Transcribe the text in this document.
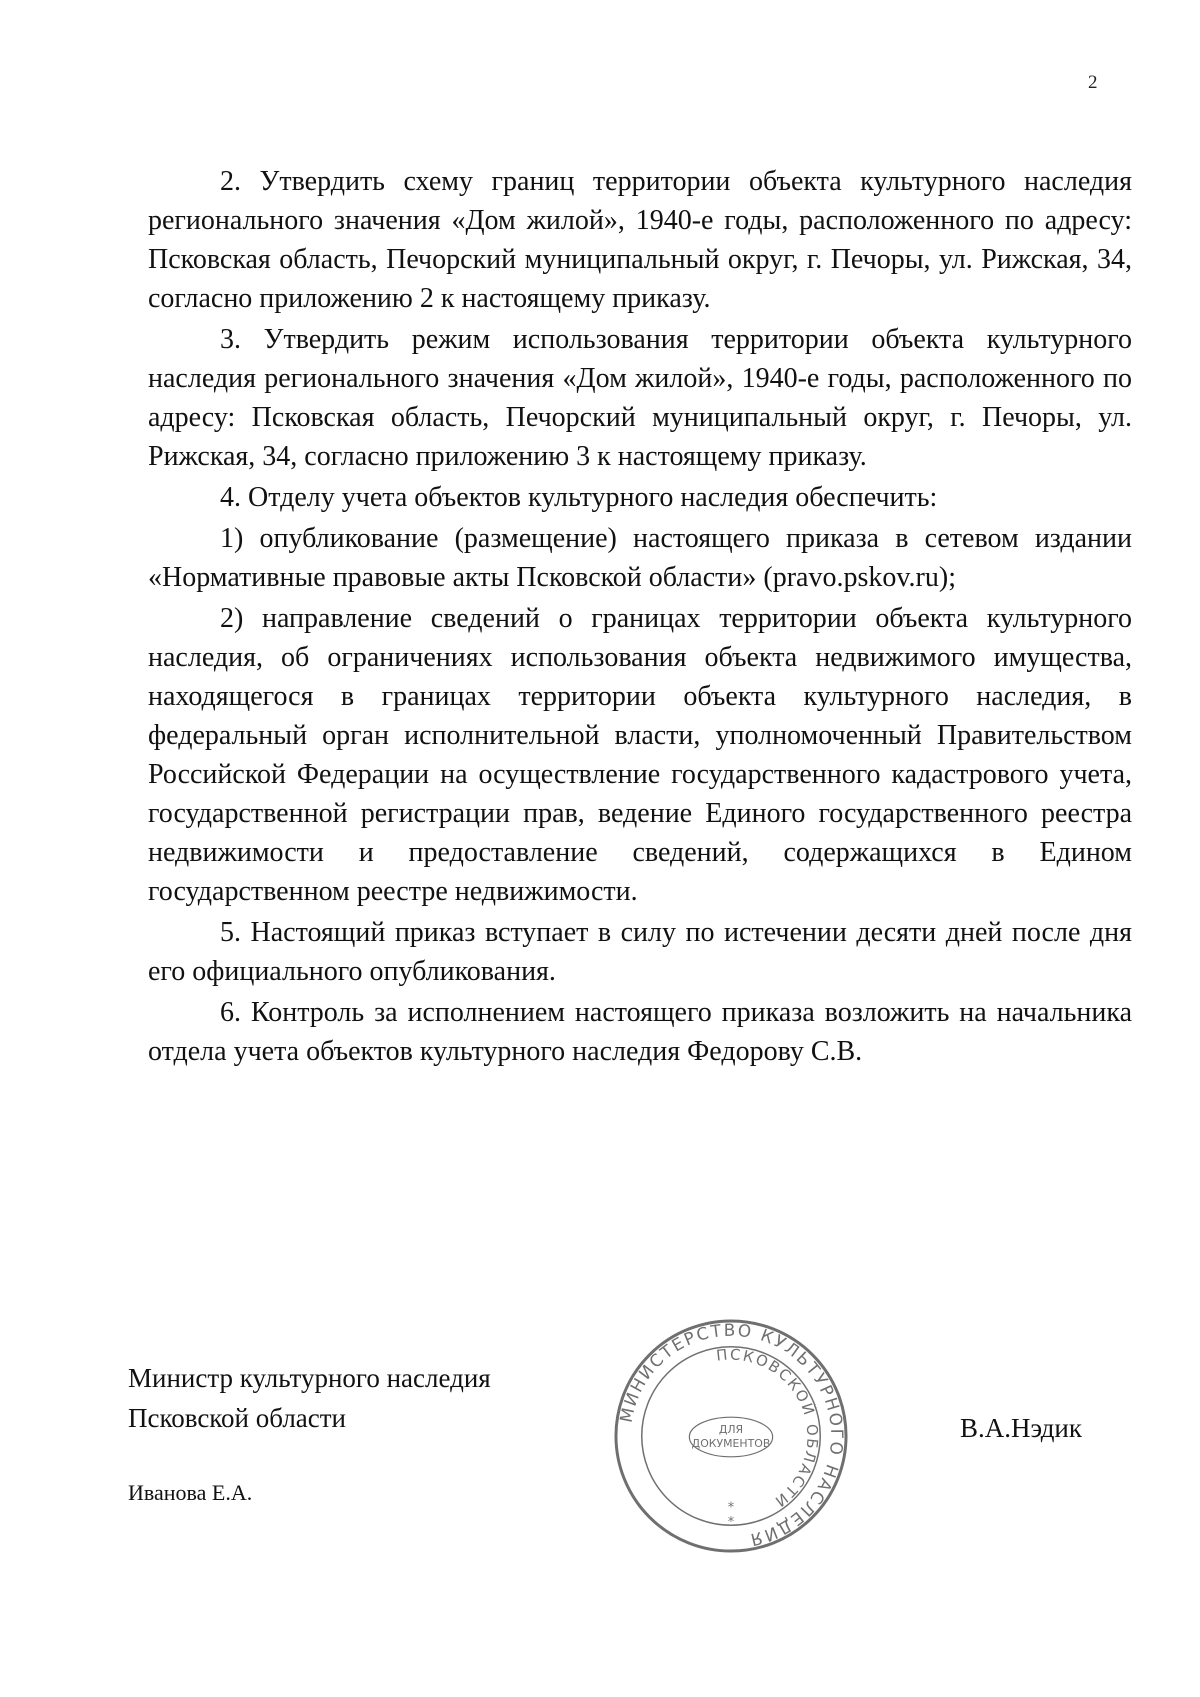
2

2. Утвердить схему границ территории объекта культурного наследия регионального значения «Дом жилой», 1940-е годы, расположенного по адресу: Псковская область, Печорский муниципальный округ, г. Печоры, ул. Рижская, 34, согласно приложению 2 к настоящему приказу.

3. Утвердить режим использования территории объекта культурного наследия регионального значения «Дом жилой», 1940-е годы, расположенного по адресу: Псковская область, Печорский муниципальный округ, г. Печоры, ул. Рижская, 34, согласно приложению 3 к настоящему приказу.

4. Отделу учета объектов культурного наследия обеспечить:

1) опубликование (размещение) настоящего приказа в сетевом издании «Нормативные правовые акты Псковской области» (pravo.pskov.ru);

2) направление сведений о границах территории объекта культурного наследия, об ограничениях использования объекта недвижимого имущества, находящегося в границах территории объекта культурного наследия, в федеральный орган исполнительной власти, уполномоченный Правительством Российской Федерации на осуществление государственного кадастрового учета, государственной регистрации прав, ведение Единого государственного реестра недвижимости и предоставление сведений, содержащихся в Едином государственном реестре недвижимости.

5. Настоящий приказ вступает в силу по истечении десяти дней после дня его официального опубликования.

6. Контроль за исполнением настоящего приказа возложить на начальника отдела учета объектов культурного наследия Федорову С.В.

Министр культурного наследия
Псковской области	В.А.Нэдик
Иванова Е.А.
МИНИСТЕРСТВО КУЛЬТУРНОГО НАСЛЕДИЯ
ПСКОВСКОЙ ОБЛАСТИ
ДЛЯ
ДОКУМЕНТОВ
*
*
